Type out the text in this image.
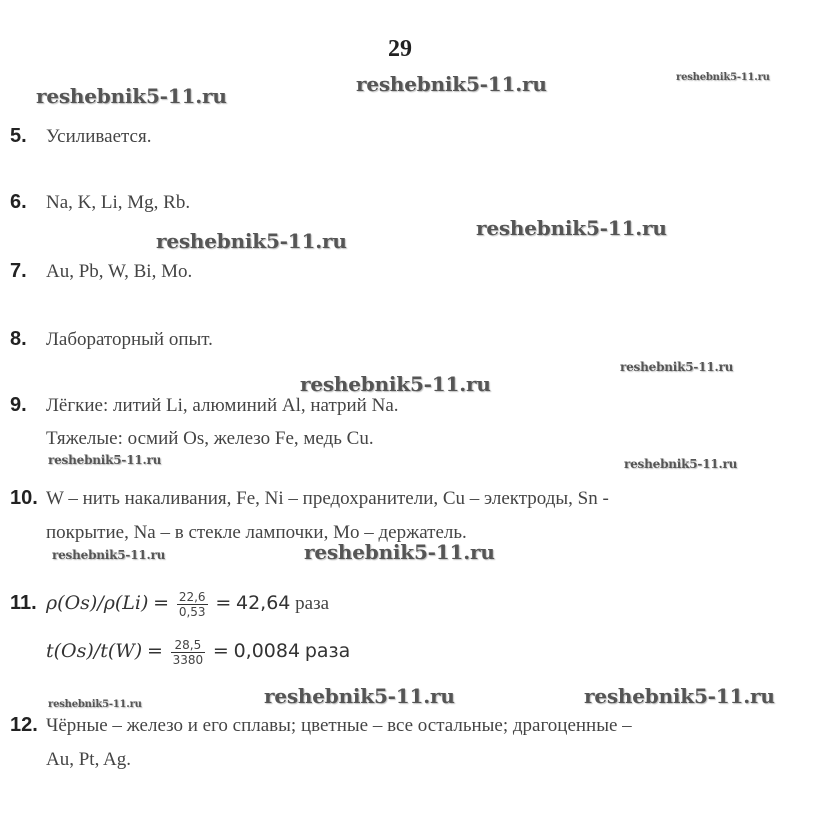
29
reshebnik5-11.ru	reshebnik5-11.ru	reshebnik5-11.ru
reshebnik5-11.ru
reshebnik5-11.ru
reshebnik5-11.ru
reshebnik5-11.ru
reshebnik5-11.ru	reshebnik5-11.ru
reshebnik5-11.ru	reshebnik5-11.ru
reshebnik5-11.ru	reshebnik5-11.ru	reshebnik5-11.ru
5. Усиливается.
6. Na, K, Li, Mg, Rb.
7. Au, Pb, W, Bi, Mo.
8. Лабораторный опыт.
9. Лёгкие: литий Li, алюминий Al, натрий Na.
Тяжелые: осмий Os, железо Fe, медь Cu.
10. W – нить накаливания, Fe, Ni – предохранители, Cu – электроды, Sn -
покрытие, Na – в стекле лампочки, Mo – держатель.
11. $\rho(Os)/\rho(Li) = \frac{22,6}{0,53} = 42,64$ раза
$t(Os)/t(W) = \frac{28,5}{3380} = 0,0084$ раза
12. Чёрные – железо и его сплавы; цветные – все остальные; драгоценные –
Au, Pt, Ag.
